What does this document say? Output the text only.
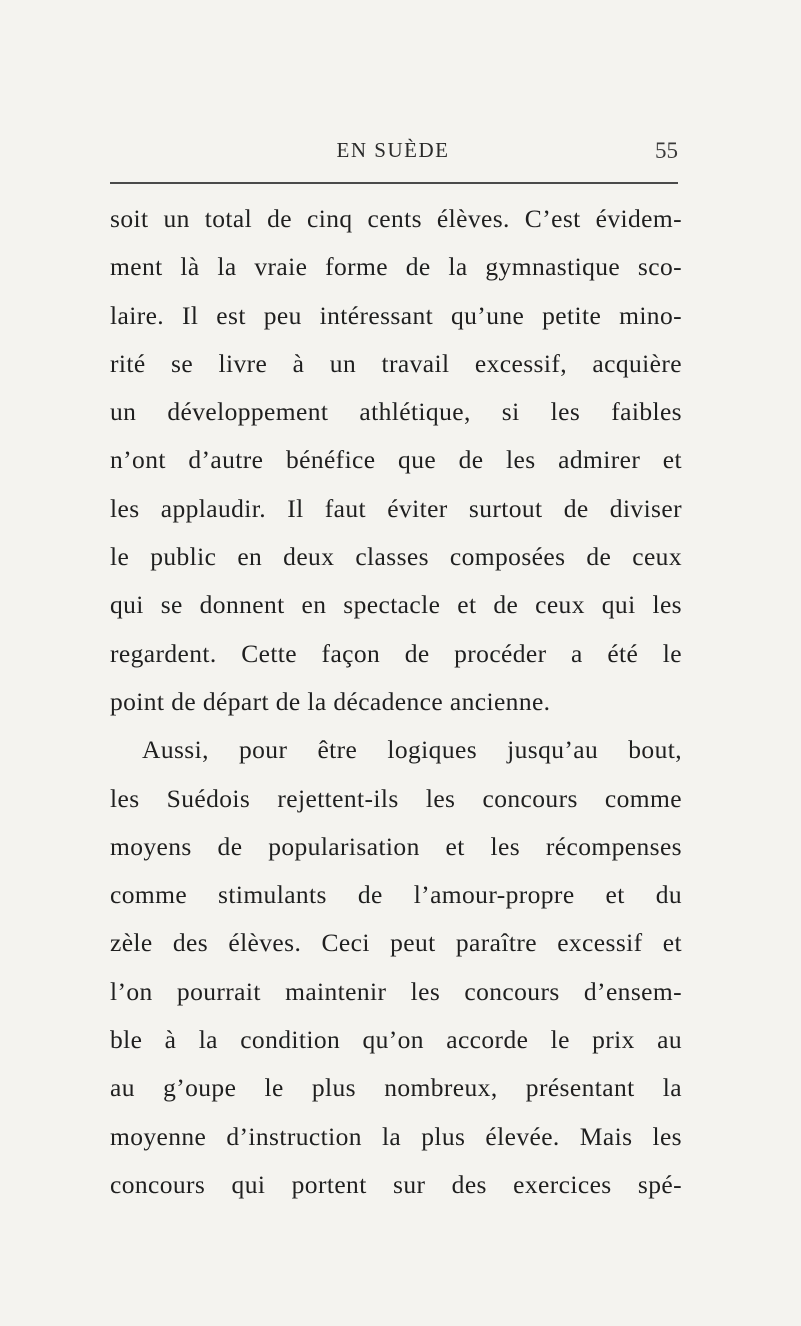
EN SUÈDE	55
soit un total de cinq cents élèves. C’est évidem-
ment là la vraie forme de la gymnastique sco-
laire. Il est peu intéressant qu’une petite mino-
rité se livre à un travail excessif, acquière
un développement athlétique, si les faibles
n’ont d’autre bénéfice que de les admirer et
les applaudir. Il faut éviter surtout de diviser
le public en deux classes composées de ceux
qui se donnent en spectacle et de ceux qui les
regardent. Cette façon de procéder a été le
point de départ de la décadence ancienne.
Aussi, pour être logiques jusqu’au bout,
les Suédois rejettent-ils les concours comme
moyens de popularisation et les récompenses
comme stimulants de l’amour-propre et du
zèle des élèves. Ceci peut paraître excessif et
l’on pourrait maintenir les concours d’ensem-
ble à la condition qu’on accorde le prix au
au g’oupe le plus nombreux, présentant la
moyenne d’instruction la plus élevée. Mais les
concours qui portent sur des exercices spé-
